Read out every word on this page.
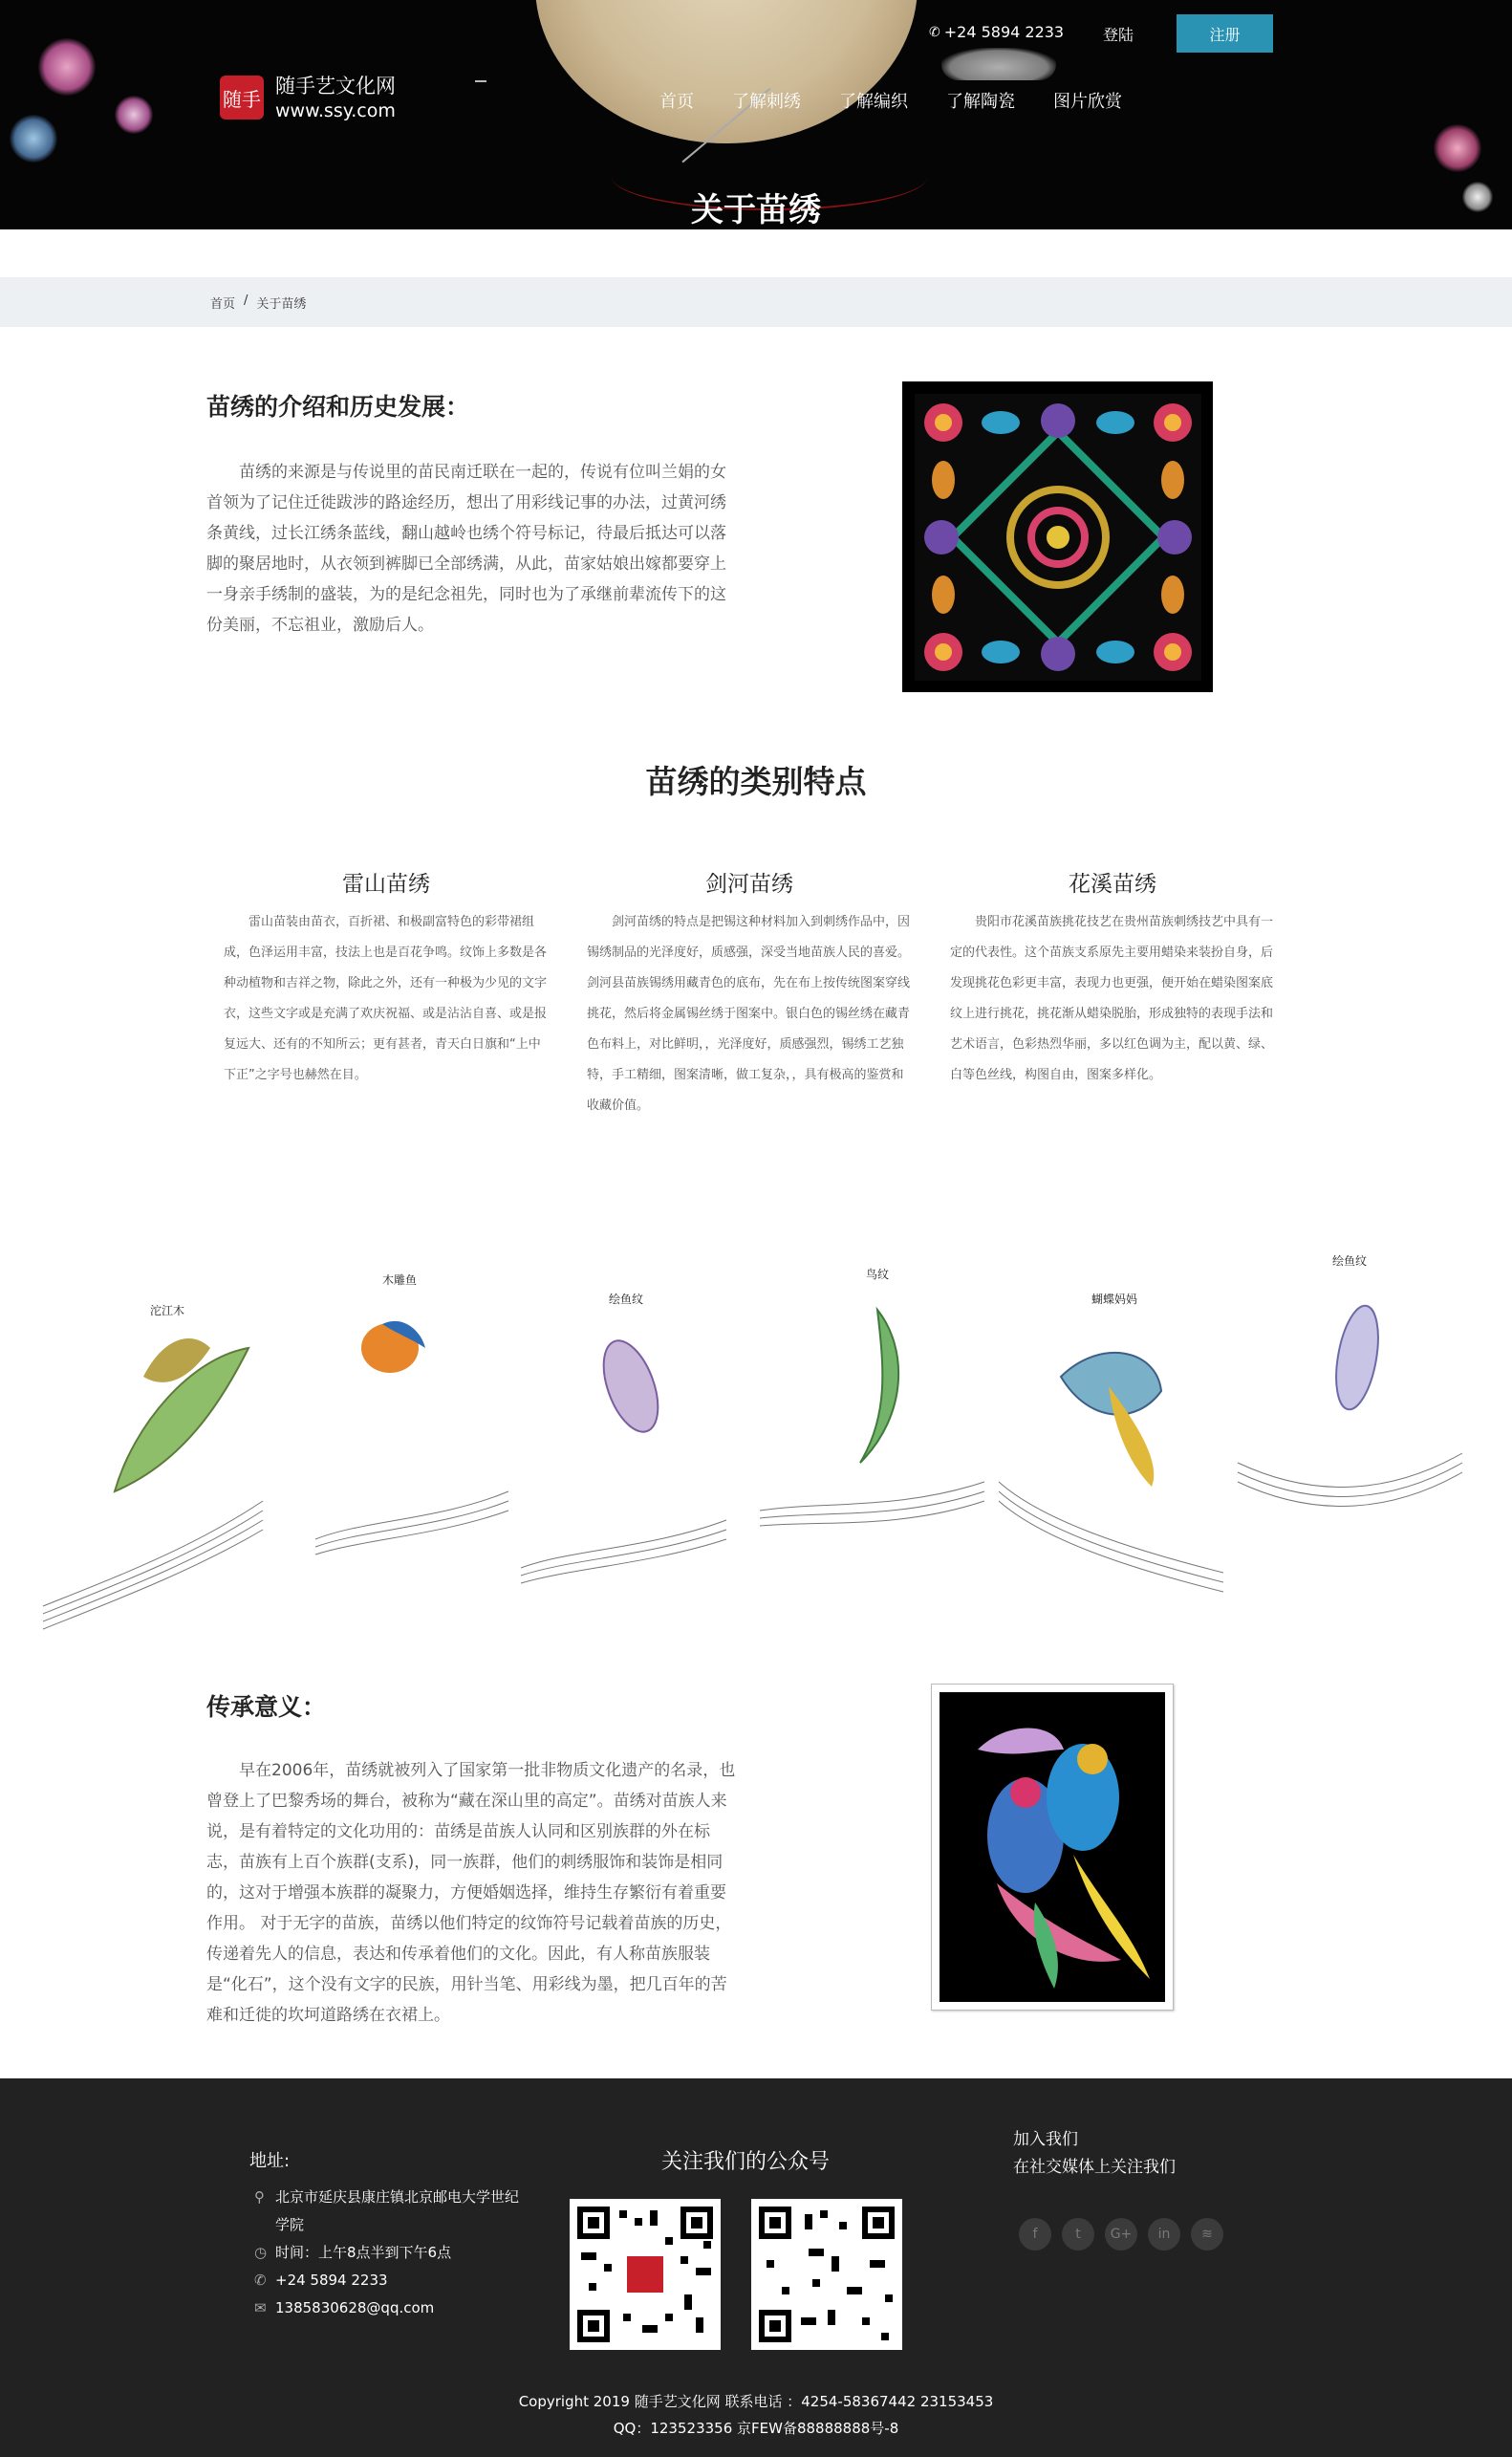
随手
随手艺文化网
www.ssy.com
✆ +24 5894 2233	登陆	注册
首页 了解刺绣 了解编织 了解陶瓷 图片欣赏
关于苗绣
首页 / 关于苗绣
苗绣的介绍和历史发展：

苗绣的来源是与传说里的苗民南迁联在一起的，传说有位叫兰娟的女首领为了记住迁徙跋涉的路途经历，想出了用彩线记事的办法，过黄河绣条黄线，过长江绣条蓝线，翻山越岭也绣个符号标记，待最后抵达可以落脚的聚居地时，从衣领到裤脚已全部绣满，从此，苗家姑娘出嫁都要穿上一身亲手绣制的盛装，为的是纪念祖先，同时也为了承继前辈流传下的这份美丽，不忘祖业，激励后人。

苗绣的类别特点
雷山苗绣

雷山苗装由苗衣，百折裙、和极副富特色的彩带裙组成，色泽运用丰富，技法上也是百花争鸣。纹饰上多数是各种动植物和吉祥之物，除此之外，还有一种极为少见的文字衣，这些文字或是充满了欢庆祝福、或是沾沾自喜、或是报复远大、还有的不知所云；更有甚者，青天白日旗和“上中下正”之字号也赫然在目。

剑河苗绣

剑河苗绣的特点是把锡这种材料加入到刺绣作品中，因锡绣制品的光泽度好，质感强，深受当地苗族人民的喜爱。剑河县苗族锡绣用藏青色的底布，先在布上按传统图案穿线挑花，然后将金属锡丝绣于图案中。银白色的锡丝绣在藏青色布料上，对比鲜明，，光泽度好，质感强烈，锡绣工艺独特，手工精细，图案清晰，做工复杂，，具有极高的鉴赏和收藏价值。

花溪苗绣

贵阳市花溪苗族挑花技艺在贵州苗族刺绣技艺中具有一定的代表性。这个苗族支系原先主要用蜡染来装扮自身，后发现挑花色彩更丰富，表现力也更强，便开始在蜡染图案底纹上进行挑花，挑花渐从蜡染脱胎，形成独特的表现手法和艺术语言，色彩热烈华丽，多以红色调为主，配以黄、绿、白等色丝线，构图自由，图案多样化。

沱江木
木雕鱼
绘鱼纹
鸟纹
蝴蝶妈妈
绘鱼纹
传承意义：

早在2006年，苗绣就被列入了国家第一批非物质文化遗产的名录，也曾登上了巴黎秀场的舞台，被称为“藏在深山里的高定”。苗绣对苗族人来说，是有着特定的文化功用的：苗绣是苗族人认同和区别族群的外在标志，苗族有上百个族群(支系)，同一族群，他们的刺绣服饰和装饰是相同的，这对于增强本族群的凝聚力，方便婚姻选择，维持生存繁衍有着重要作用。 对于无字的苗族，苗绣以他们特定的纹饰符号记载着苗族的历史，传递着先人的信息，表达和传承着他们的文化。因此，有人称苗族服装是“化石”，这个没有文字的民族，用针当笔、用彩线为墨，把几百年的苦难和迁徙的坎坷道路绣在衣裙上。

地址:
⚲ 北京市延庆县康庄镇北京邮电大学世纪学院
◷ 时间：上午8点半到下午6点
✆ +24 5894 2233
✉ 1385830628@qq.com
关注我们的公众号
加入我们
在社交媒体上关注我们
f	t	G+	in	≋
Copyright 2019 随手艺文化网 联系电话 ：4254-58367442 23153453
QQ：123523356 京FEW备88888888号-8
